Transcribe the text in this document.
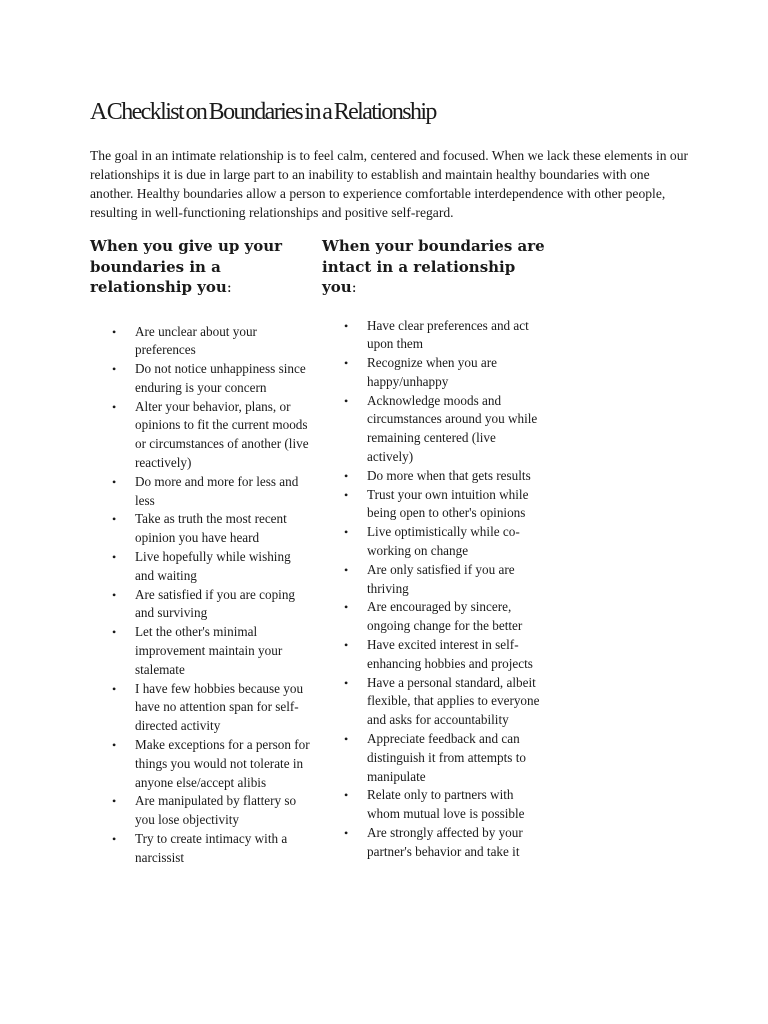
A Checklist on Boundaries in a Relationship

The goal in an intimate relationship is to feel calm, centered and focused. When we lack these elements in our relationships it is due in large part to an inability to establish and maintain healthy boundaries with one another. Healthy boundaries allow a person to experience comfortable interdependence with other people, resulting in well-functioning relationships and positive self-regard.

When you give up your boundaries in a relationship you:
• Are unclear about your preferences
• Do not notice unhappiness since enduring is your concern
• Alter your behavior, plans, or opinions to fit the current moods or circumstances of another (live reactively)
• Do more and more for less and less
• Take as truth the most recent opinion you have heard
• Live hopefully while wishing and waiting
• Are satisfied if you are coping and surviving
• Let the other's minimal improvement maintain your stalemate
• I have few hobbies because you have no attention span for self-directed activity
• Make exceptions for a person for things you would not tolerate in anyone else/accept alibis
• Are manipulated by flattery so you lose objectivity
• Try to create intimacy with a narcissist
When your boundaries are intact in a relationship you:
• Have clear preferences and act upon them
• Recognize when you are happy/unhappy
• Acknowledge moods and circumstances around you while remaining centered (live actively)
• Do more when that gets results
• Trust your own intuition while being open to other's opinions
• Live optimistically while co-working on change
• Are only satisfied if you are thriving
• Are encouraged by sincere, ongoing change for the better
• Have excited interest in self-enhancing hobbies and projects
• Have a personal standard, albeit flexible, that applies to everyone and asks for accountability
• Appreciate feedback and can distinguish it from attempts to manipulate
• Relate only to partners with whom mutual love is possible
• Are strongly affected by your partner's behavior and take it
